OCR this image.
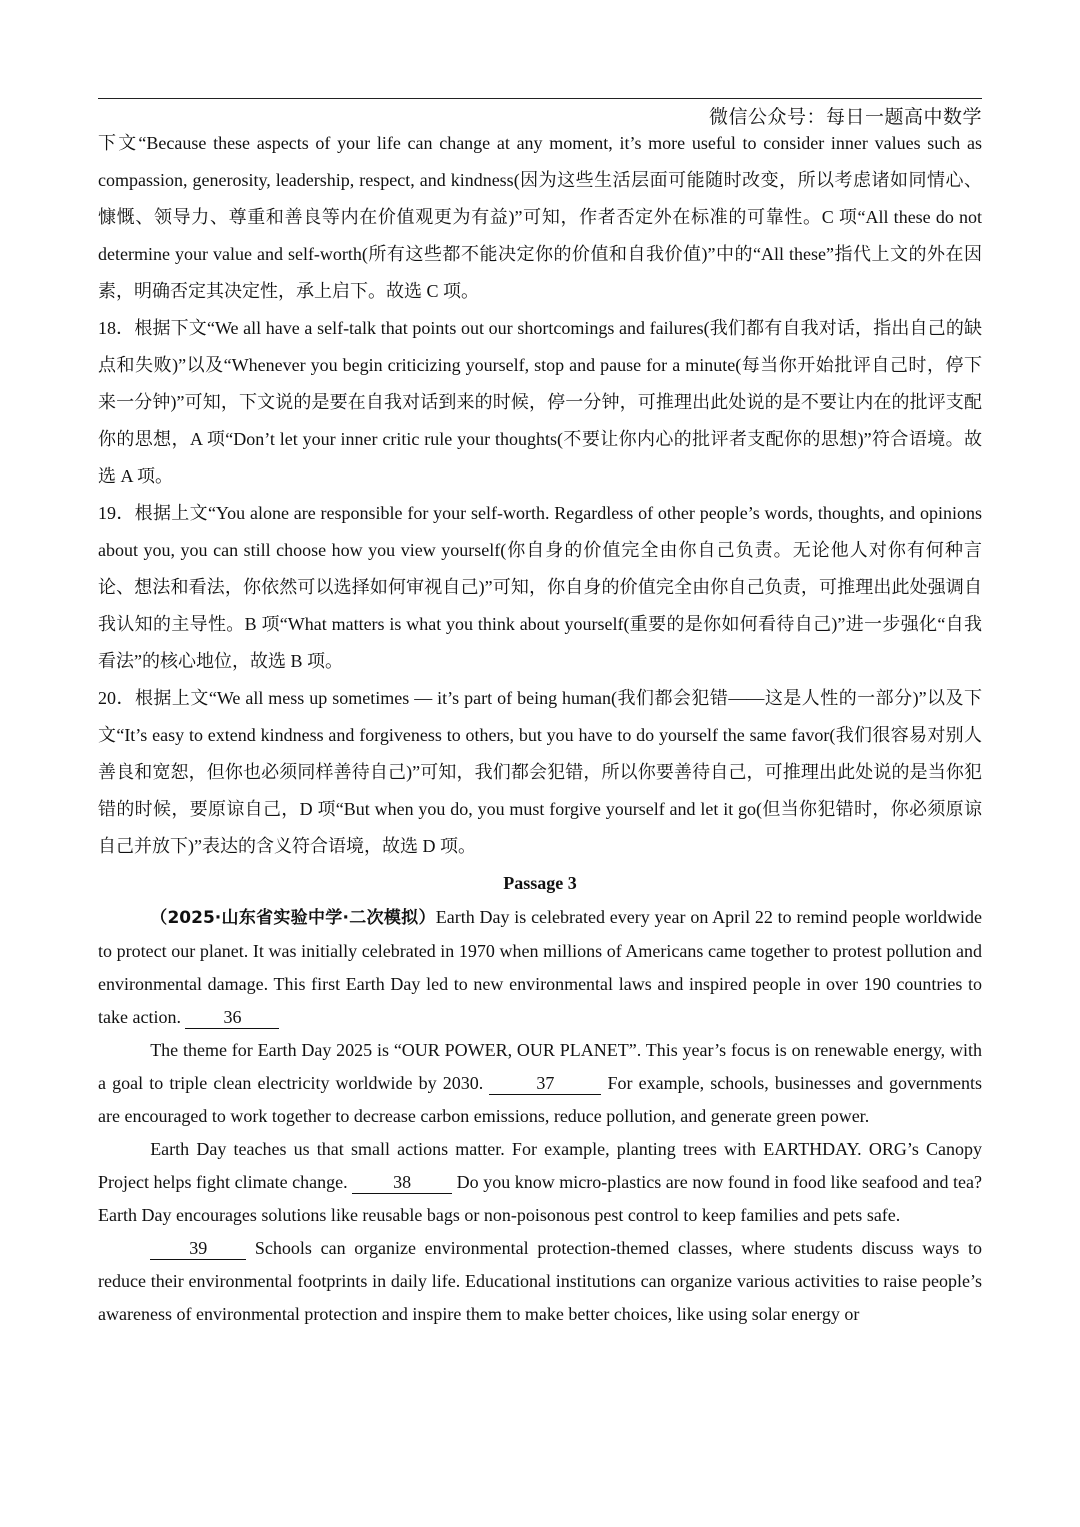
微信公众号：每日一题高中数学

下文“Because these aspects of your life can change at any moment, it’s more useful to consider inner values such as compassion, generosity, leadership, respect, and kindness(因为这些生活层面可能随时改变，所以考虑诸如同情心、慷慨、领导力、尊重和善良等内在价值观更为有益)”可知，作者否定外在标准的可靠性。C 项“All these do not determine your value and self-worth(所有这些都不能决定你的价值和自我价值)”中的“All these”指代上文的外在因素，明确否定其决定性，承上启下。故选 C 项。

18．根据下文“We all have a self-talk that points out our shortcomings and failures(我们都有自我对话，指出自己的缺点和失败)”以及“Whenever you begin criticizing yourself, stop and pause for a minute(每当你开始批评自己时，停下来一分钟)”可知，下文说的是要在自我对话到来的时候，停一分钟，可推理出此处说的是不要让内在的批评支配你的思想，A 项“Don’t let your inner critic rule your thoughts(不要让你内心的批评者支配你的思想)”符合语境。故选 A 项。

19．根据上文“You alone are responsible for your self-worth. Regardless of other people’s words, thoughts, and opinions about you, you can still choose how you view yourself(你自身的价值完全由你自己负责。无论他人对你有何种言论、想法和看法，你依然可以选择如何审视自己)”可知，你自身的价值完全由你自己负责，可推理出此处强调自我认知的主导性。B 项“What matters is what you think about yourself(重要的是你如何看待自己)”进一步强化“自我看法”的核心地位，故选 B 项。

20．根据上文“We all mess up sometimes — it’s part of being human(我们都会犯错——这是人性的一部分)”以及下文“It’s easy to extend kindness and forgiveness to others, but you have to do yourself the same favor(我们很容易对别人善良和宽恕，但你也必须同样善待自己)”可知，我们都会犯错，所以你要善待自己，可推理出此处说的是当你犯错的时候，要原谅自己，D 项“But when you do, you must forgive yourself and let it go(但当你犯错时，你必须原谅自己并放下)”表达的含义符合语境，故选 D 项。

Passage 3

（2025·山东省实验中学·二次模拟）Earth Day is celebrated every year on April 22 to remind people worldwide to protect our planet. It was initially celebrated in 1970 when millions of Americans came together to protest pollution and environmental damage. This first Earth Day led to new environmental laws and inspired people in over 190 countries to take action. 36

The theme for Earth Day 2025 is “OUR POWER, OUR PLANET”. This year’s focus is on renewable energy, with a goal to triple clean electricity worldwide by 2030.	37	For example, schools, businesses and governments are encouraged to work together to decrease carbon emissions, reduce pollution, and generate green power.

Earth Day teaches us that small actions matter. For example, planting trees with EARTHDAY. ORG’s Canopy Project helps fight climate change.	38	Do you know micro-plastics are now found in food like seafood and tea? Earth Day encourages solutions like reusable bags or non-poisonous pest control to keep families and pets safe.

39	Schools can organize environmental protection-themed classes, where students discuss ways to reduce their environmental footprints in daily life. Educational institutions can organize various activities to raise people’s awareness of environmental protection and inspire them to make better choices, like using solar energy or
